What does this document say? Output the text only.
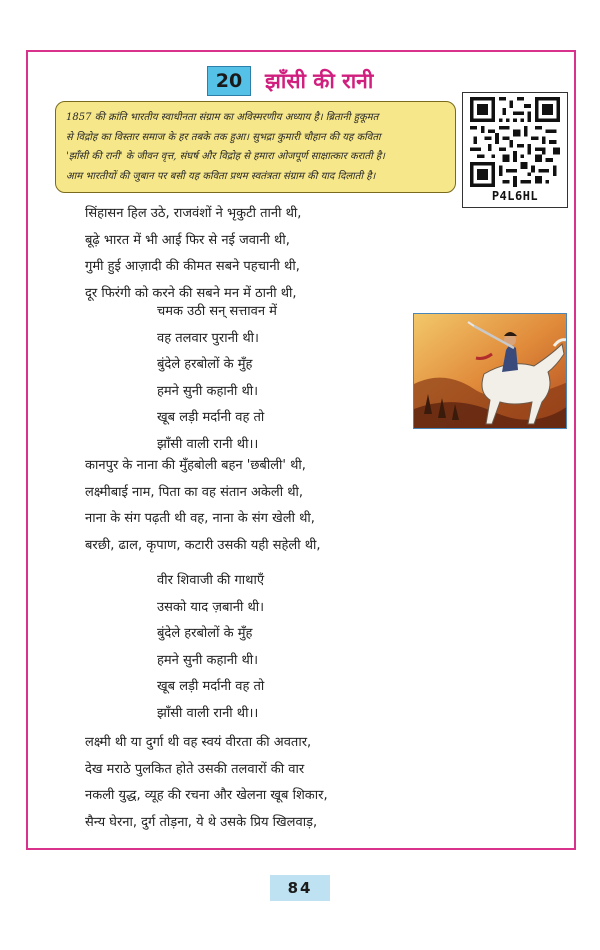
20	झाँसी की रानी
1857 की क्रांति भारतीय स्वाधीनता संग्राम का अविस्मरणीय अध्याय है। ब्रितानी हुकूमत
से विद्रोह का विस्तार समाज के हर तबके तक हुआ। सुभद्रा कुमारी चौहान की यह कविता
'झाँसी की रानी' के जीवन वृत्त, संघर्ष और विद्रोह से हमारा ओजपूर्ण साक्षात्कार कराती है।
आम भारतीयों की जुबान पर बसी यह कविता प्रथम स्वतंत्रता संग्राम की याद दिलाती है।
P4L6HL
सिंहासन हिल उठे, राजवंशों ने भृकुटी तानी थी,
बूढ़े भारत में भी आई फिर से नई जवानी थी,
गुमी हुई आज़ादी की कीमत सबने पहचानी थी,
दूर फिरंगी को करने की सबने मन में ठानी थी,
चमक उठी सन् सत्तावन में
वह तलवार पुरानी थी।
बुंदेले हरबोलों के मुँह
हमने सुनी कहानी थी।
खूब लड़ी मर्दानी वह तो
झाँसी वाली रानी थी।।
कानपुर के नाना की मुँहबोली बहन 'छबीली' थी,
लक्ष्मीबाई नाम, पिता का वह संतान अकेली थी,
नाना के संग पढ़ती थी वह, नाना के संग खेली थी,
बरछी, ढाल, कृपाण, कटारी उसकी यही सहेली थी,
वीर शिवाजी की गाथाएँ
उसको याद ज़बानी थी।
बुंदेले हरबोलों के मुँह
हमने सुनी कहानी थी।
खूब लड़ी मर्दानी वह तो
झाँसी वाली रानी थी।।
लक्ष्मी थी या दुर्गा थी वह स्वयं वीरता की अवतार,
देख मराठे पुलकित होते उसकी तलवारों की वार
नकली युद्ध, व्यूह की रचना और खेलना खूब शिकार,
सैन्य घेरना, दुर्ग तोड़ना, ये थे उसके प्रिय खिलवाड़,
84
